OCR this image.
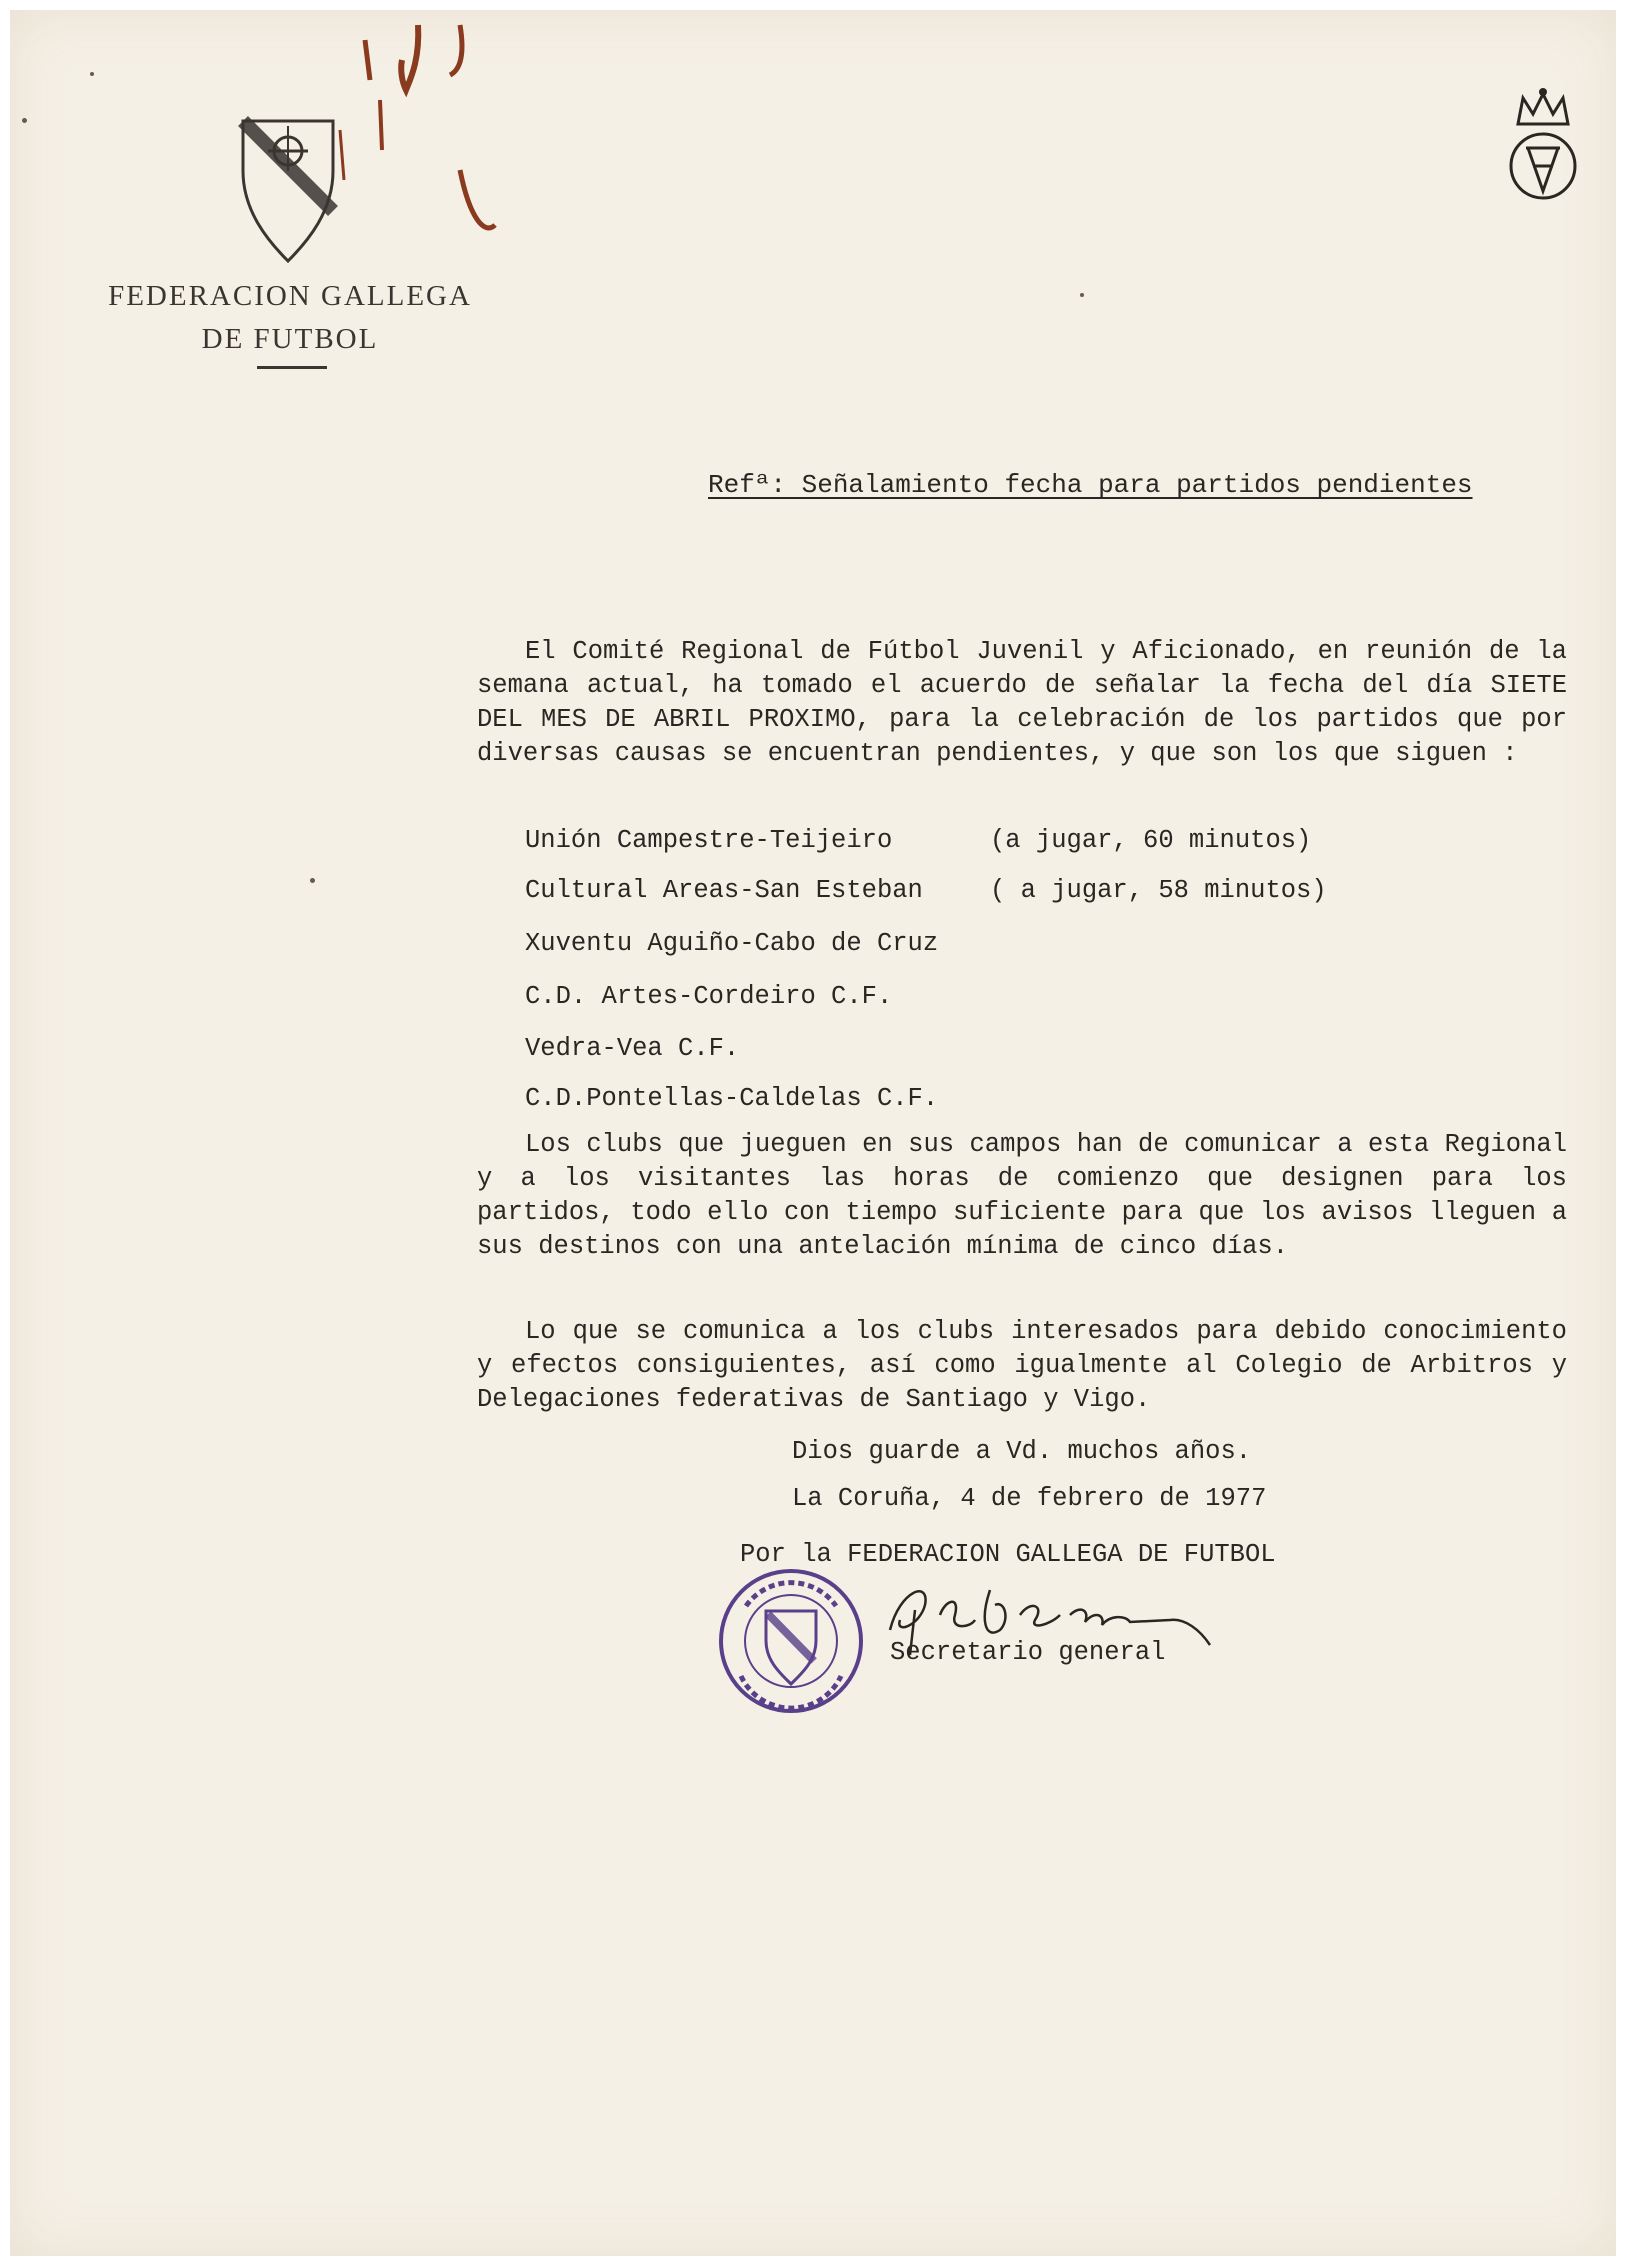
FEDERACION GALLEGA
DE FUTBOL
Refª: Señalamiento fecha para partidos pendientes
El Comité Regional de Fútbol Juvenil y Aficionado, en reunión de la semana actual, ha tomado el acuerdo de señalar la fecha del día SIETE DEL MES DE ABRIL PROXIMO, para la celebración de los partidos que por diversas causas se encuentran pendientes, y que son los que siguen :
Unión Campestre-Teijeiro	(a jugar, 60 minutos)
Cultural Areas-San Esteban	( a jugar, 58 minutos)
Xuventu Aguiño-Cabo de Cruz
C.D. Artes-Cordeiro C.F.
Vedra-Vea C.F.
C.D.Pontellas-Caldelas C.F.
Los clubs que jueguen en sus campos han de comunicar a esta Regional y a los visitantes las horas de comienzo que designen para los partidos, todo ello con tiempo suficiente para que los avisos lleguen a sus destinos con una antelación mínima de cinco días.
Lo que se comunica a los clubs interesados para debido conocimiento y efectos consiguientes, así como igualmente al Colegio de Arbitros y Delegaciones federativas de Santiago y Vigo.
Dios guarde a Vd. muchos años.
La Coruña, 4 de febrero de 1977
Por la FEDERACION GALLEGA DE FUTBOL
Secretario general
